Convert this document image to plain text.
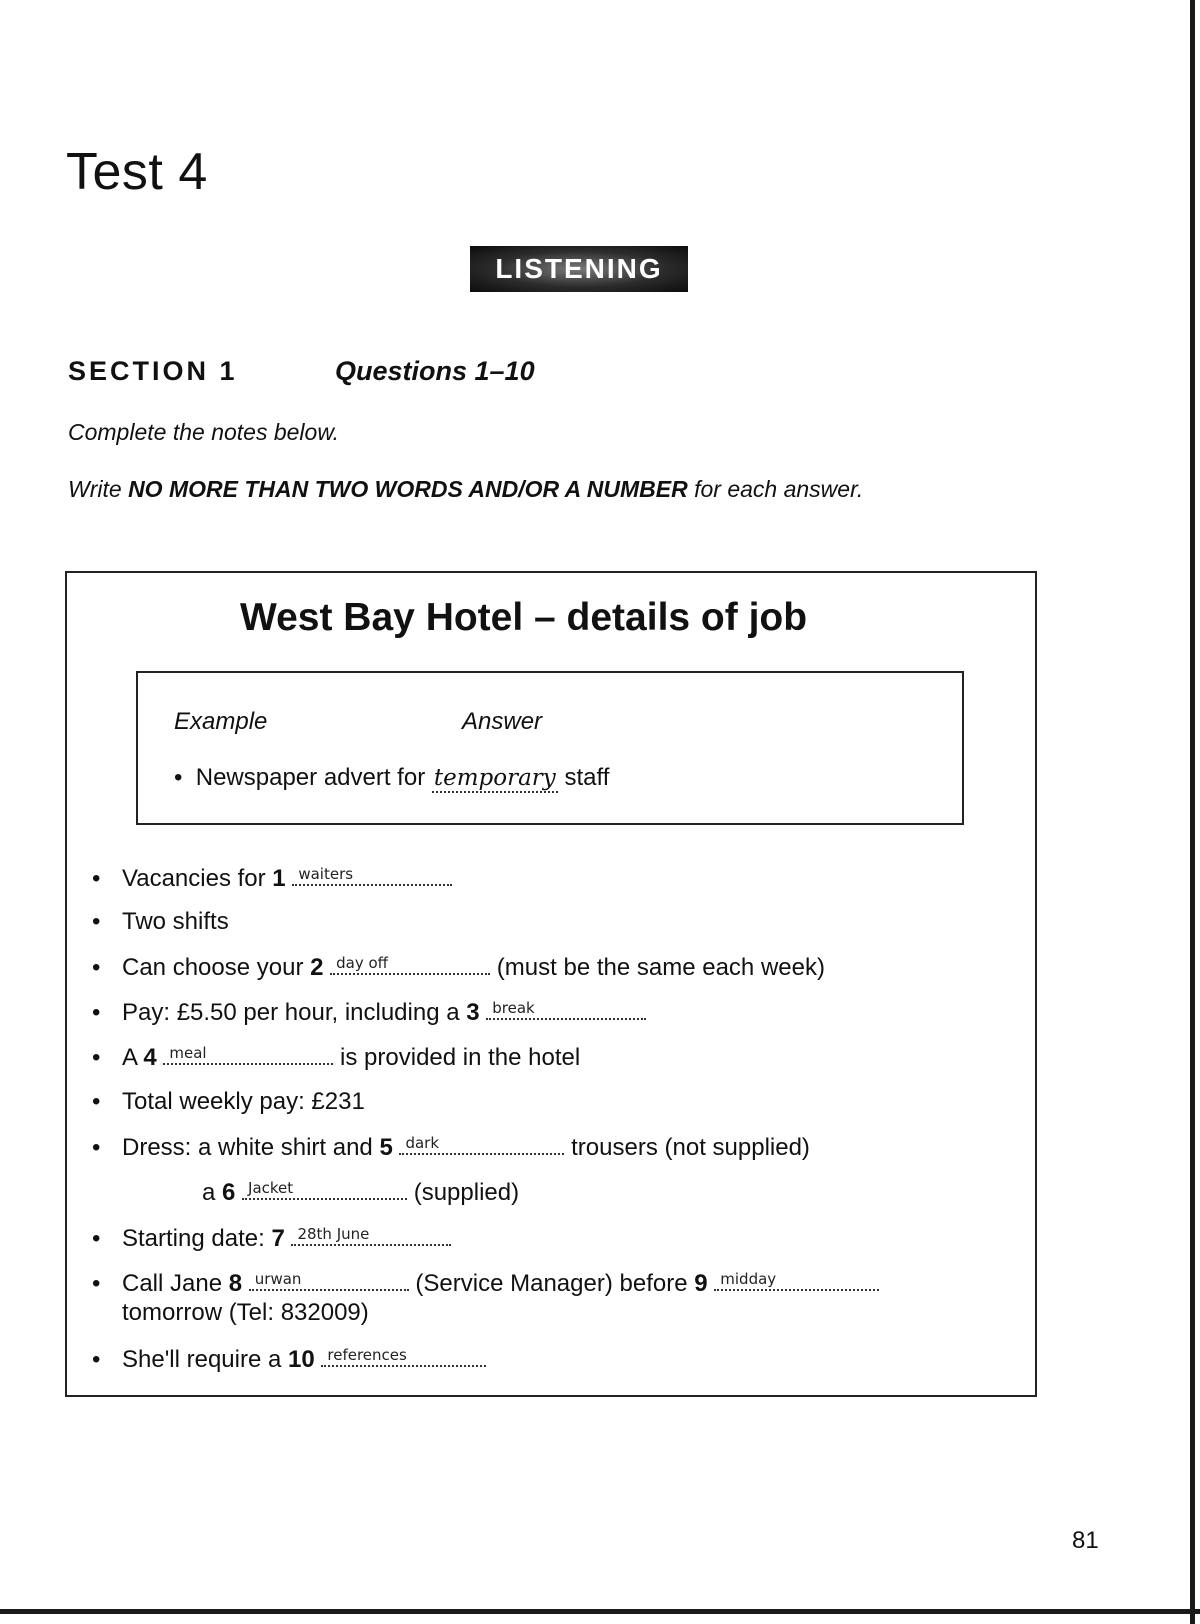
Test 4
LISTENING
SECTION 1	Questions 1–10
Complete the notes below.
Write NO MORE THAN TWO WORDS AND/OR A NUMBER for each answer.
West Bay Hotel – details of job
Example	Answer
•  Newspaper advert for temporary staff
• Vacancies for 1 waiters
• Two shifts
• Can choose your 2 day off	(must be the same each week)
• Pay: £5.50 per hour, including a 3 break
• A 4 meal	is provided in the hotel
• Total weekly pay: £231
• Dress: a white shirt and 5 dark	trousers (not supplied)
a 6 Jacket	(supplied)
• Starting date: 7 28th June
• Call Jane 8 urwan	(Service Manager) before 9 midday
tomorrow (Tel: 832009)
• She'll require a 10 references
81
